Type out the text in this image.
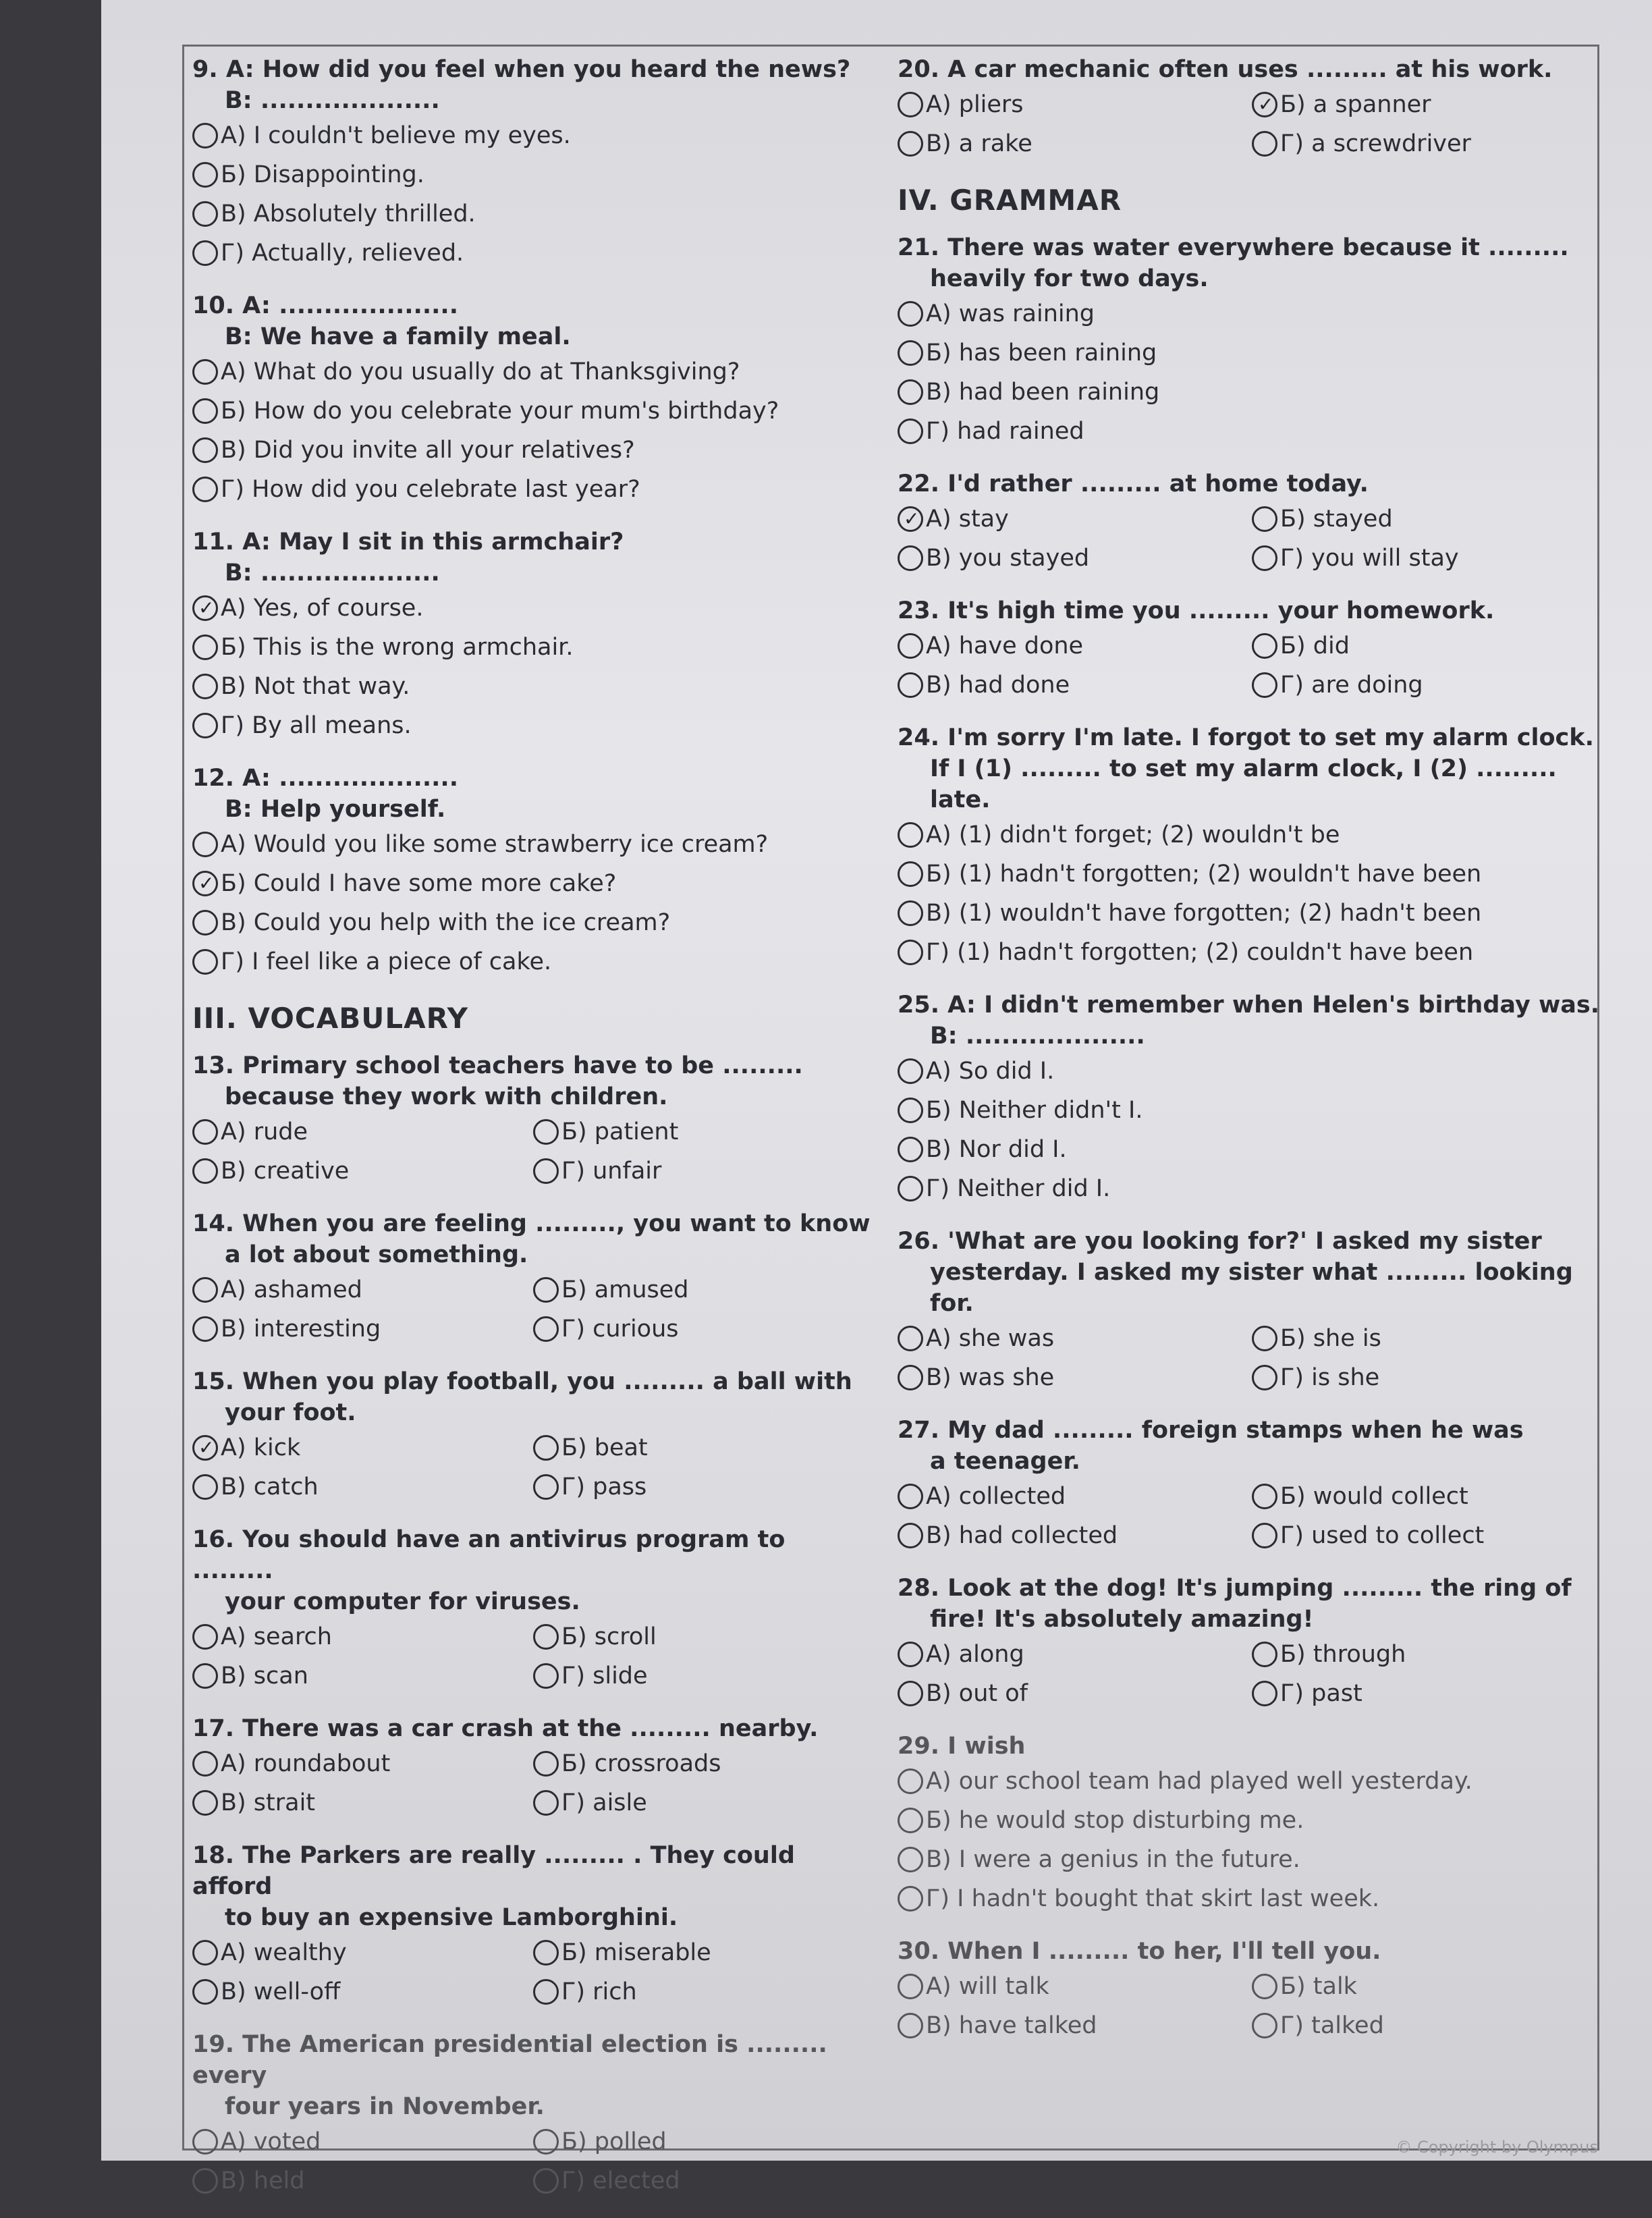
9. A: How did you feel when you heard the news?
B: ....................
A) I couldn't believe my eyes.
Б) Disappointing.
В) Absolutely thrilled.
Г) Actually, relieved.
10. A: ....................
B: We have a family meal.
A) What do you usually do at Thanksgiving?
Б) How do you celebrate your mum's birthday?
В) Did you invite all your relatives?
Г) How did you celebrate last year?
11. A: May I sit in this armchair?
B: ....................
✓
A) Yes, of course.
Б) This is the wrong armchair.
В) Not that way.
Г) By all means.
12. A: ....................
B: Help yourself.
A) Would you like some strawberry ice cream?
✓
Б) Could I have some more cake?
В) Could you help with the ice cream?
Г) I feel like a piece of cake.
III. VOCABULARY
13. Primary school teachers have to be .........
because they work with children.
A) rude	Б) patient
В) creative	Г) unfair
14. When you are feeling ........., you want to know
a lot about something.
A) ashamed	Б) amused
В) interesting	Г) curious
15. When you play football, you ......... a ball with
your foot.
✓
A) kick	Б) beat
В) catch	Г) pass
16. You should have an antivirus program to .........
your computer for viruses.
A) search	Б) scroll
В) scan	Г) slide
17. There was a car crash at the ......... nearby.
A) roundabout	Б) crossroads
В) strait	Г) aisle
18. The Parkers are really ......... . They could afford
to buy an expensive Lamborghini.
A) wealthy	Б) miserable
В) well-off	Г) rich
19. The American presidential election is ......... every
four years in November.
A) voted	Б) polled
В) held	Г) elected
20. A car mechanic often uses ......... at his work.
A) pliers
✓	Б) a spanner
В) a rake	Г) a screwdriver
IV. GRAMMAR
21. There was water everywhere because it .........
heavily for two days.
A) was raining
Б) has been raining
В) had been raining
Г) had rained
22. I'd rather ......... at home today.
✓
A) stay	Б) stayed
В) you stayed	Г) you will stay
23. It's high time you ......... your homework.
A) have done	Б) did
В) had done	Г) are doing
24. I'm sorry I'm late. I forgot to set my alarm clock.
If I (1) ......... to set my alarm clock, I (2) .........
late.
A) (1) didn't forget; (2) wouldn't be
Б) (1) hadn't forgotten; (2) wouldn't have been
В) (1) wouldn't have forgotten; (2) hadn't been
Г) (1) hadn't forgotten; (2) couldn't have been
25. A: I didn't remember when Helen's birthday was.
B: ....................
A) So did I.
Б) Neither didn't I.
В) Nor did I.
Г) Neither did I.
26. 'What are you looking for?' I asked my sister
yesterday. I asked my sister what ......... looking
for.
A) she was	Б) she is
В) was she	Г) is she
27. My dad ......... foreign stamps when he was
a teenager.
A) collected	Б) would collect
В) had collected	Г) used to collect
28. Look at the dog! It's jumping ......... the ring of
fire! It's absolutely amazing!
A) along	Б) through
В) out of	Г) past
29. I wish
A) our school team had played well yesterday.
Б) he would stop disturbing me.
В) I were a genius in the future.
Г) I hadn't bought that skirt last week.
30. When I ......... to her, I'll tell you.
A) will talk	Б) talk
В) have talked	Г) talked
© Copyright by Olympus
